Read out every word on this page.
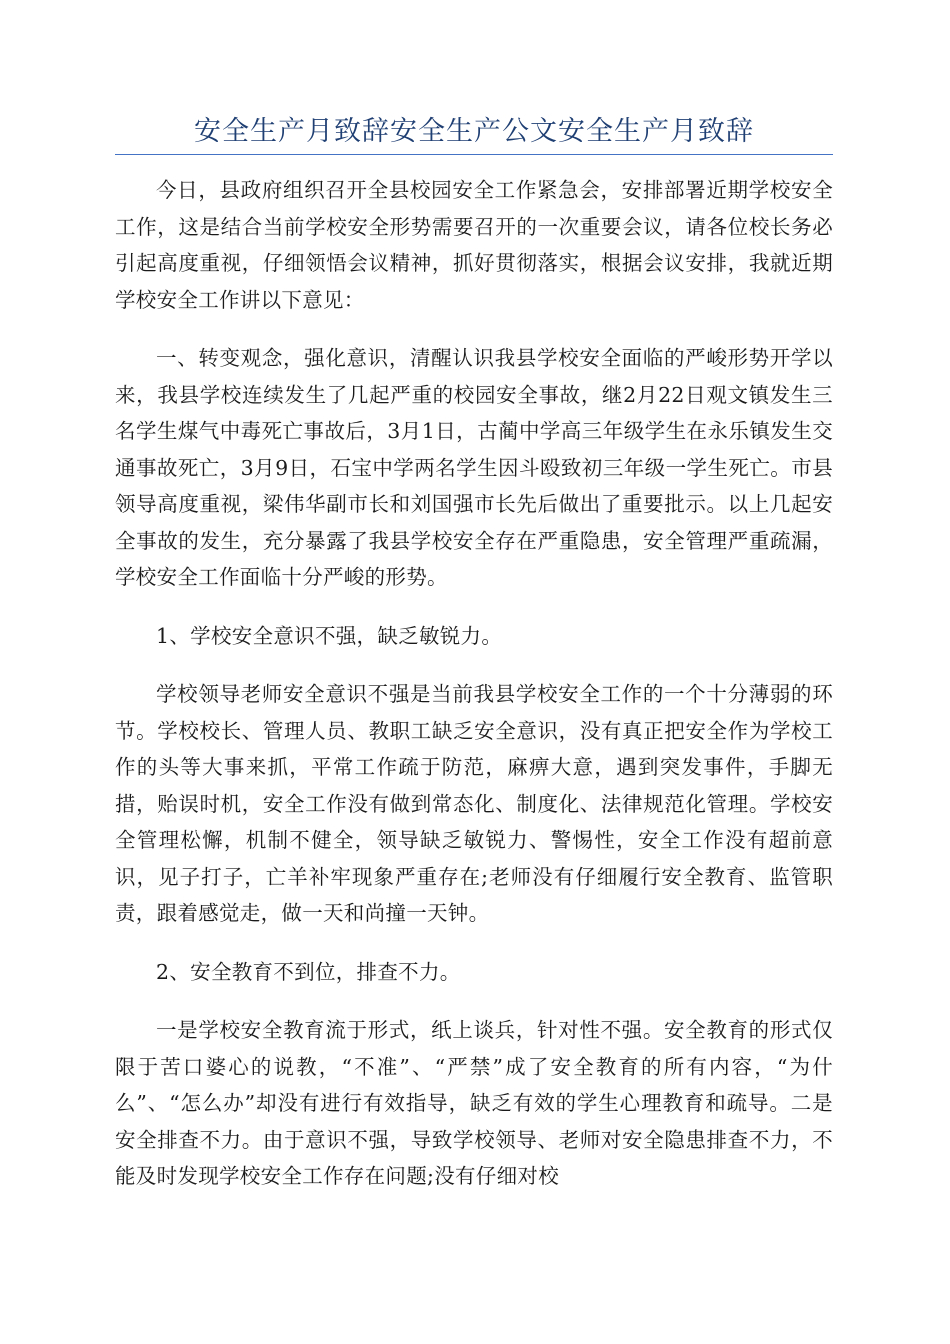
安全生产月致辞安全生产公文安全生产月致辞

今日，县政府组织召开全县校园安全工作紧急会，安排部署近期学校安全工作，这是结合当前学校安全形势需要召开的一次重要会议，请各位校长务必引起高度重视，仔细领悟会议精神，抓好贯彻落实，根据会议安排，我就近期学校安全工作讲以下意见：

一、转变观念，强化意识，清醒认识我县学校安全面临的严峻形势开学以来，我县学校连续发生了几起严重的校园安全事故，继2月22日观文镇发生三名学生煤气中毒死亡事故后，3月1日，古蔺中学高三年级学生在永乐镇发生交通事故死亡，3月9日，石宝中学两名学生因斗殴致初三年级一学生死亡。市县领导高度重视，梁伟华副市长和刘国强市长先后做出了重要批示。以上几起安全事故的发生，充分暴露了我县学校安全存在严重隐患，安全管理严重疏漏，学校安全工作面临十分严峻的形势。

1、学校安全意识不强，缺乏敏锐力。

学校领导老师安全意识不强是当前我县学校安全工作的一个十分薄弱的环节。学校校长、管理人员、教职工缺乏安全意识，没有真正把安全作为学校工作的头等大事来抓，平常工作疏于防范，麻痹大意，遇到突发事件，手脚无措，贻误时机，安全工作没有做到常态化、制度化、法律规范化管理。学校安全管理松懈，机制不健全，领导缺乏敏锐力、警惕性，安全工作没有超前意识，见子打子，亡羊补牢现象严重存在;老师没有仔细履行安全教育、监管职责，跟着感觉走，做一天和尚撞一天钟。

2、安全教育不到位，排查不力。

一是学校安全教育流于形式，纸上谈兵，针对性不强。安全教育的形式仅限于苦口婆心的说教，“不准”、“严禁”成了安全教育的所有内容，“为什么”、“怎么办”却没有进行有效指导，缺乏有效的学生心理教育和疏导。二是安全排查不力。由于意识不强，导致学校领导、老师对安全隐患排查不力，不能及时发现学校安全工作存在问题;没有仔细对校
